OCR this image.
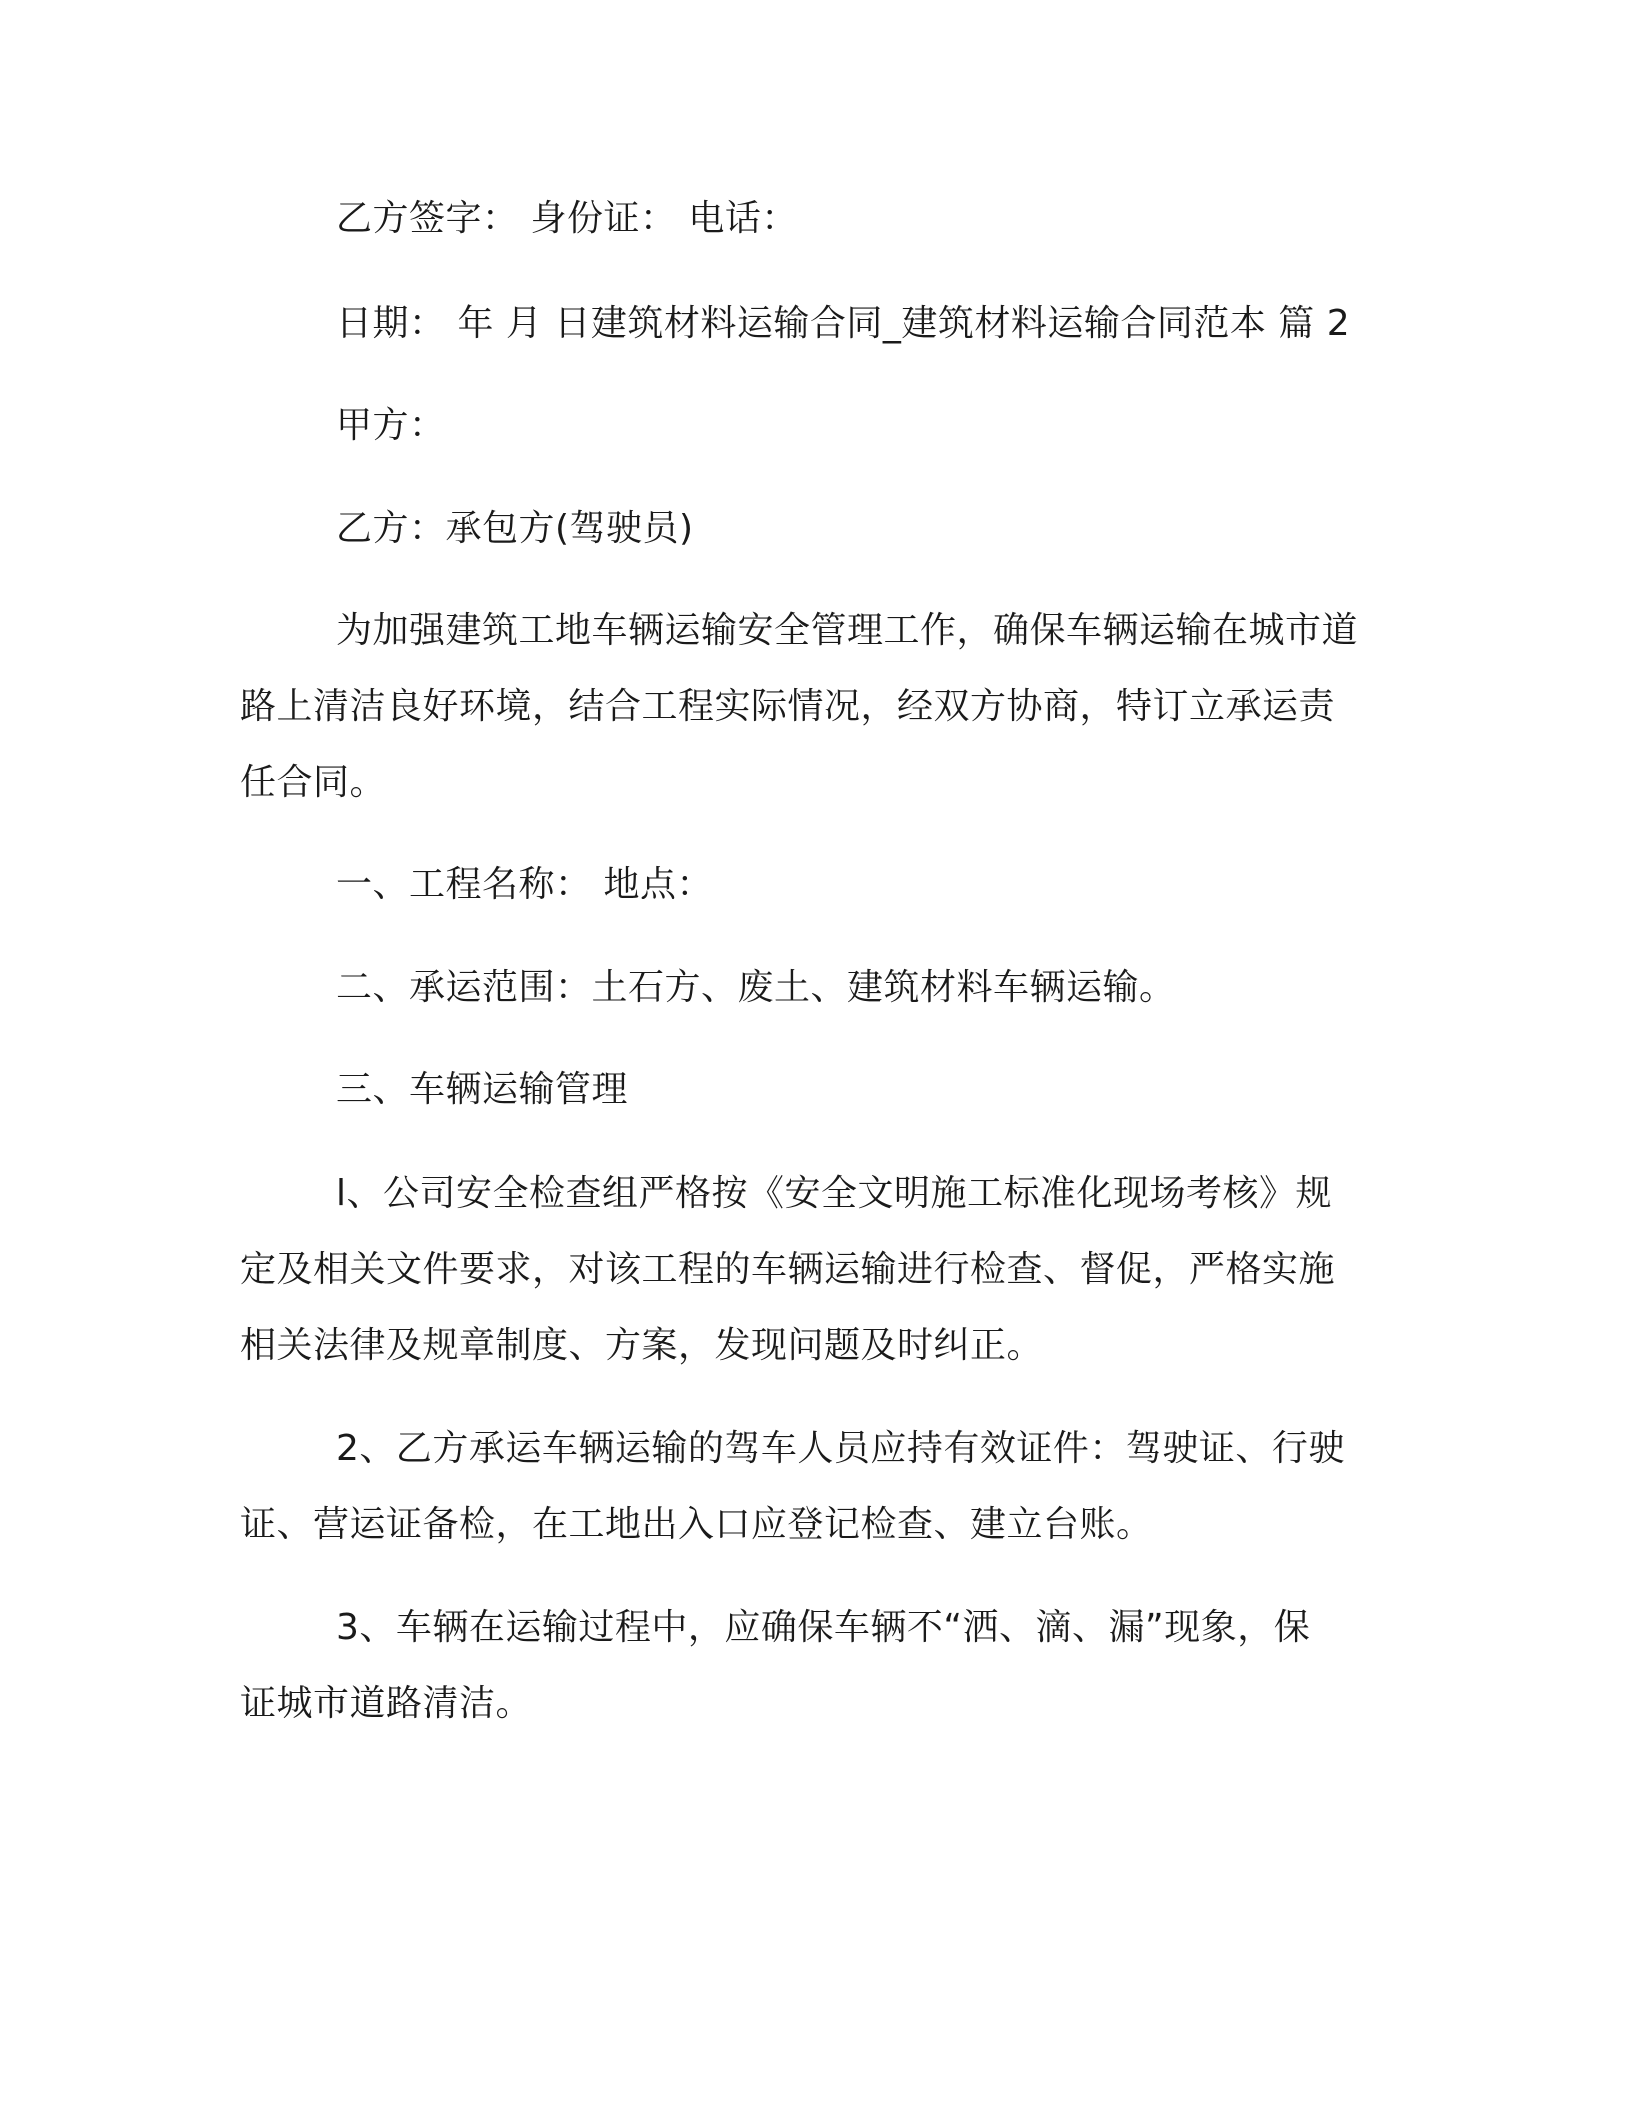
乙方签字： 身份证： 电话：
日期： 年 月 日建筑材料运输合同_建筑材料运输合同范本 篇 2
甲方：
乙方：承包方(驾驶员)
为加强建筑工地车辆运输安全管理工作，确保车辆运输在城市道
路上清洁良好环境，结合工程实际情况，经双方协商，特订立承运责
任合同。
一、工程名称： 地点：
二、承运范围：土石方、废土、建筑材料车辆运输。
三、车辆运输管理
l、公司安全检查组严格按《安全文明施工标准化现场考核》规
定及相关文件要求，对该工程的车辆运输进行检查、督促，严格实施
相关法律及规章制度、方案，发现问题及时纠正。
2、乙方承运车辆运输的驾车人员应持有效证件：驾驶证、行驶
证、营运证备检，在工地出入口应登记检查、建立台账。
3、车辆在运输过程中，应确保车辆不“洒、滴、漏”现象，保
证城市道路清洁。
